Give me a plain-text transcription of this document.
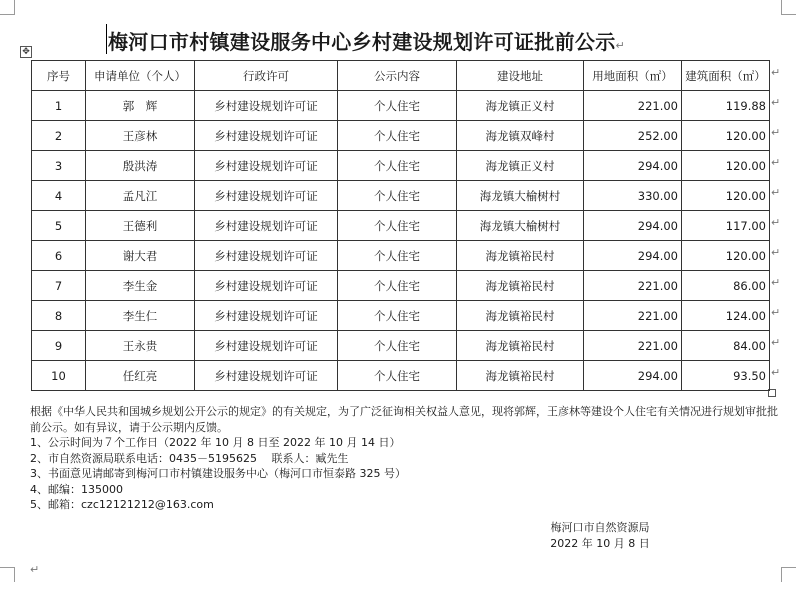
梅河口市村镇建设服务中心乡村建设规划许可证批前公示↵
✥
序号	申请单位（个人）	行政许可	公示内容	建设地址	用地面积（㎡）	建筑面积（㎡）
1	郭　辉	乡村建设规划许可证	个人住宅	海龙镇正义村	221.00	119.88
2	王彦林	乡村建设规划许可证	个人住宅	海龙镇双峰村	252.00	120.00
3	殷洪涛	乡村建设规划许可证	个人住宅	海龙镇正义村	294.00	120.00
4	孟凡江	乡村建设规划许可证	个人住宅	海龙镇大榆树村	330.00	120.00
5	王德利	乡村建设规划许可证	个人住宅	海龙镇大榆树村	294.00	117.00
6	谢大君	乡村建设规划许可证	个人住宅	海龙镇裕民村	294.00	120.00
7	李生金	乡村建设规划许可证	个人住宅	海龙镇裕民村	221.00	86.00
8	李生仁	乡村建设规划许可证	个人住宅	海龙镇裕民村	221.00	124.00
9	王永贵	乡村建设规划许可证	个人住宅	海龙镇裕民村	221.00	84.00
10	任红亮	乡村建设规划许可证	个人住宅	海龙镇裕民村	294.00	93.50
↵
↵
↵
↵
↵
↵
↵
↵
↵
↵
↵

根据《中华人民共和国城乡规划公开公示的规定》的有关规定，为了广泛征询相关权益人意见，现将郭辉，王彦林等建设个人住宅有关情况进行规划审批批前公示。如有异议，请于公示期内反馈。

1、公示时间为７个工作日（2022 年 10 月 8 日至 2022 年 10 月 14 日）

2、市自然资源局联系电话：0435－5195625　 联系人：臧先生

3、书面意见请邮寄到梅河口市村镇建设服务中心（梅河口市恒泰路 325 号）

4、邮编：135000

5、邮箱：czc12121212@163.com

梅河口市自然资源局
2022 年 10 月 8 日
↵
